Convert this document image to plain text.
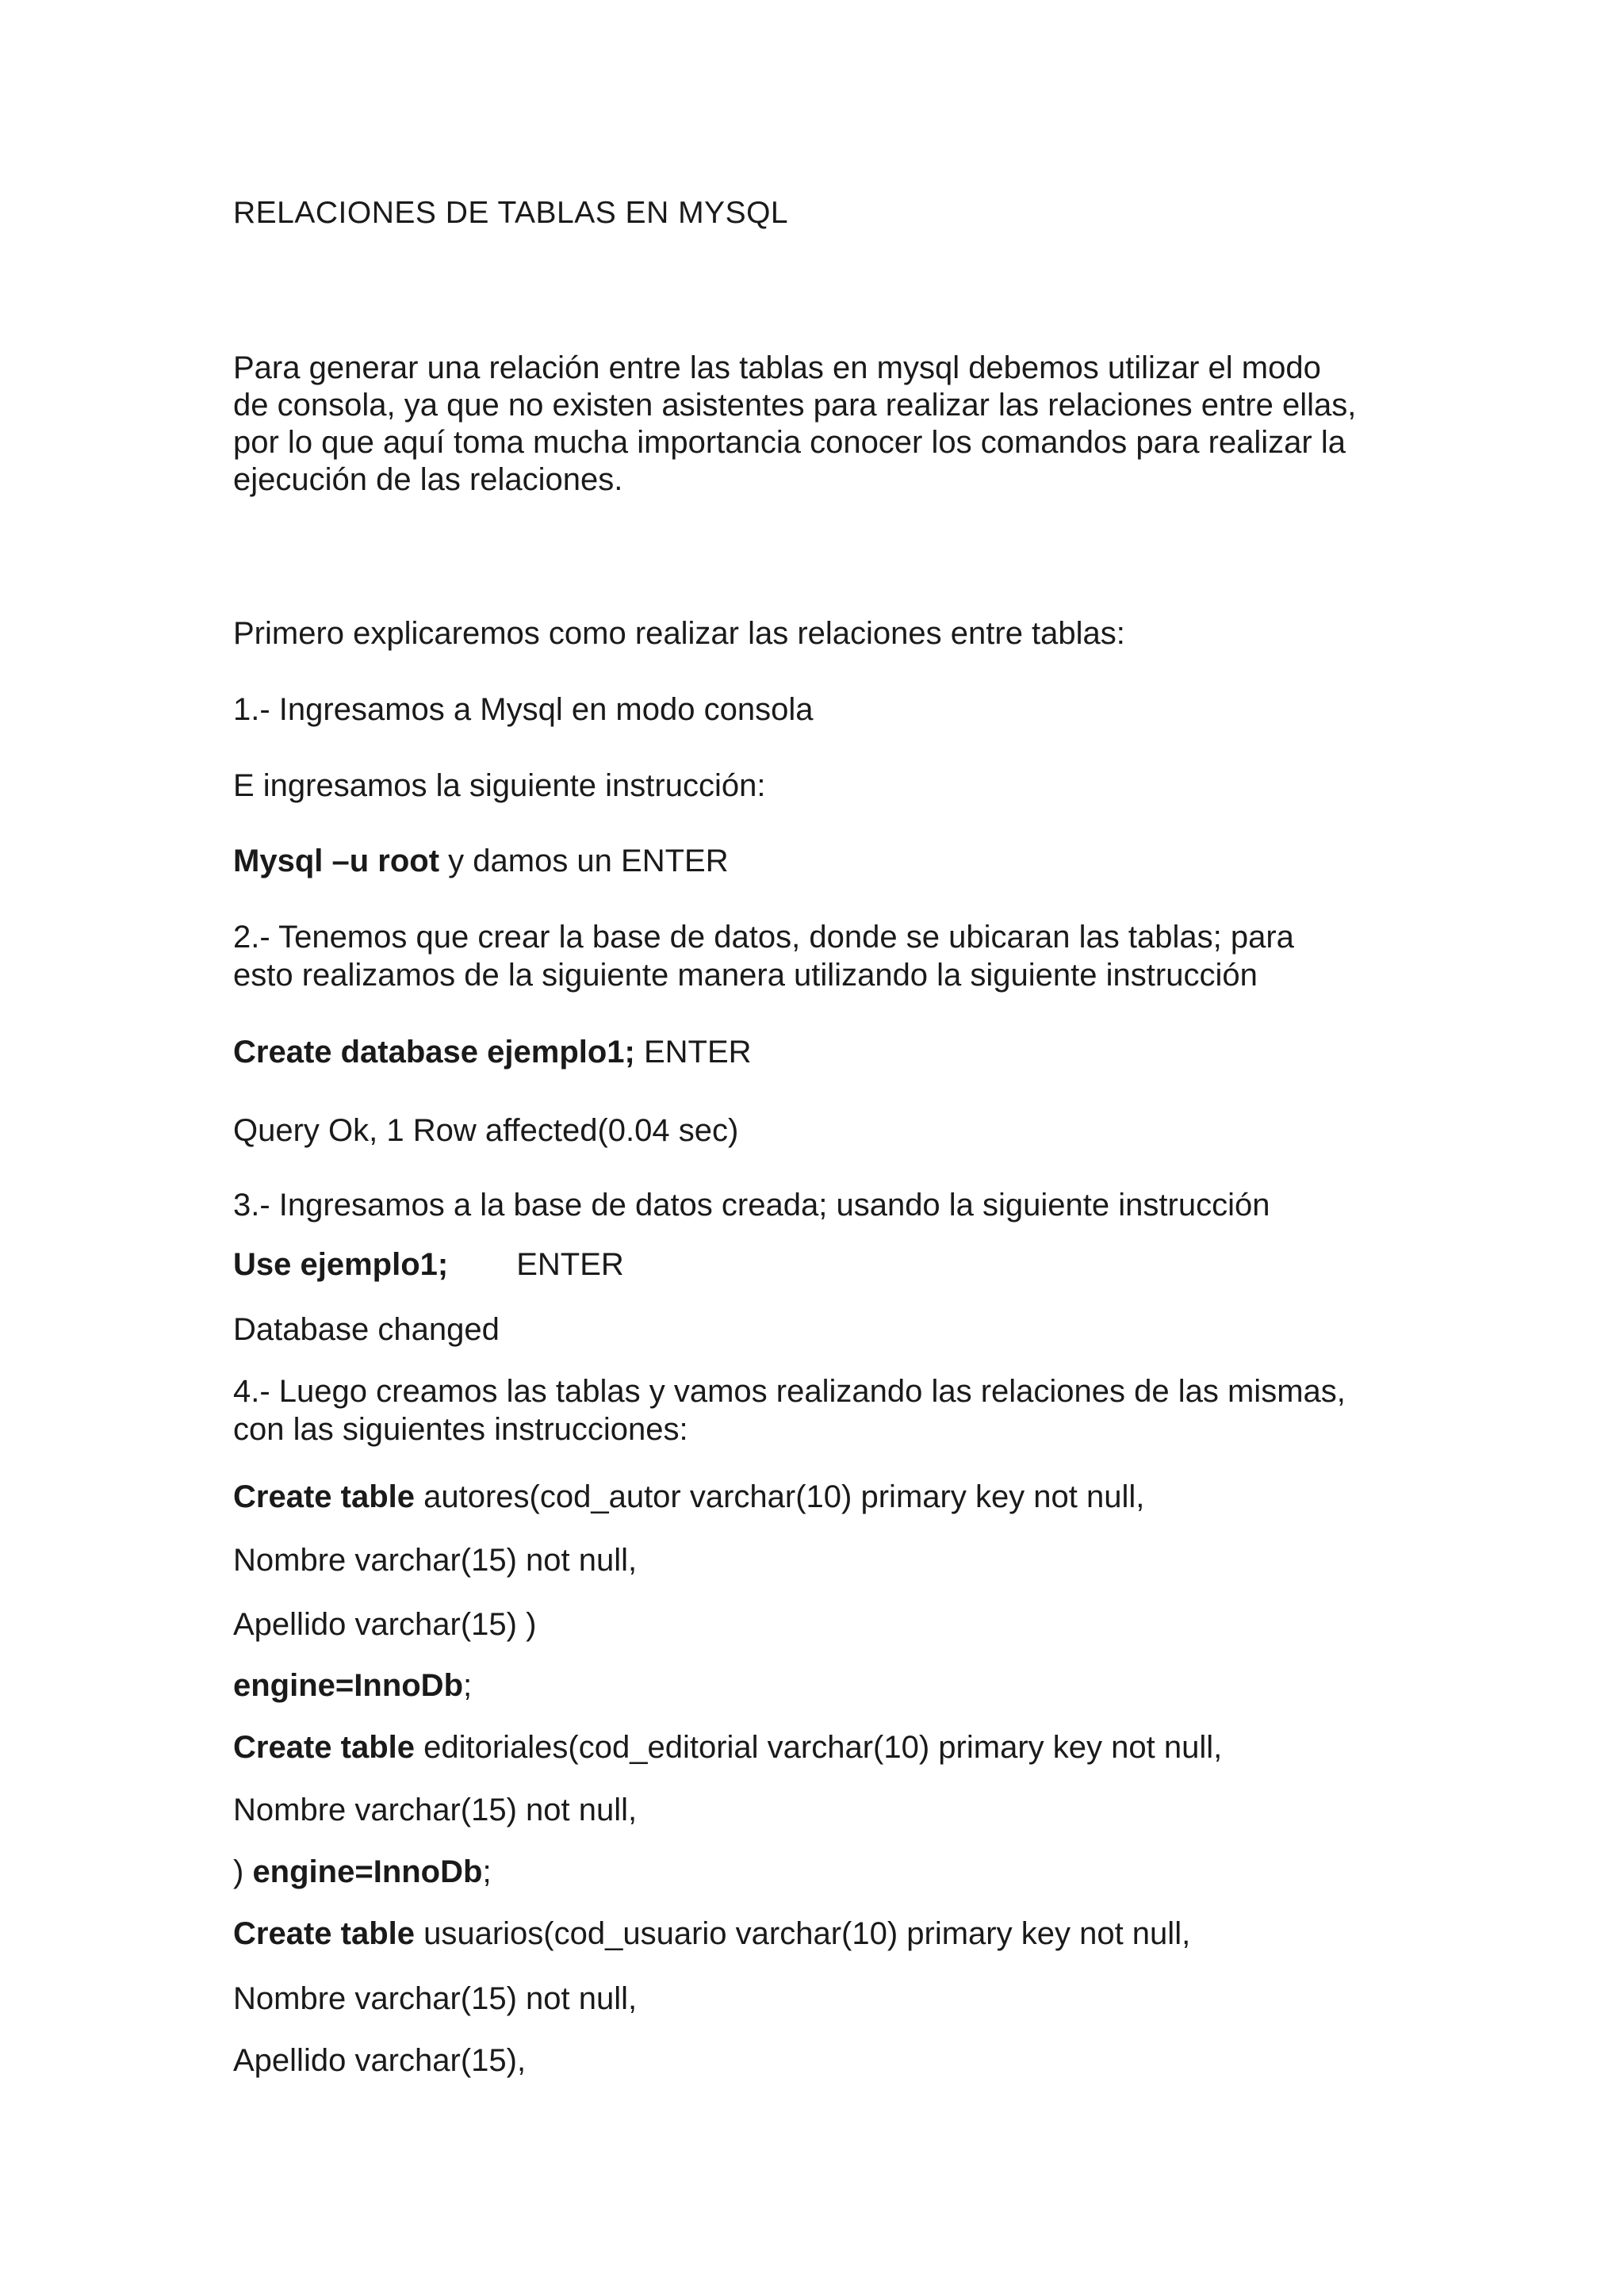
RELACIONES DE TABLAS EN MYSQL

Para generar una relación entre las tablas en mysql debemos utilizar el modo

de consola, ya que no existen asistentes para realizar las relaciones entre ellas,

por lo que aquí toma mucha importancia conocer los comandos para realizar la

ejecución de las relaciones.

Primero explicaremos como realizar las relaciones entre tablas:

1.- Ingresamos a Mysql en modo consola

E ingresamos la siguiente instrucción:

Mysql –u root y damos un ENTER

2.- Tenemos que crear la base de datos, donde se ubicaran las tablas; para

esto realizamos de la siguiente manera utilizando la siguiente instrucción

Create database ejemplo1; ENTER

Query Ok, 1 Row affected(0.04 sec)

3.- Ingresamos a la base de datos creada; usando la siguiente instrucción

Use ejemplo1; ENTER

Database changed

4.- Luego creamos las tablas y vamos realizando las relaciones de las mismas,

con las siguientes instrucciones:

Create table autores(cod_autor varchar(10) primary key not null,

Nombre varchar(15) not null,

Apellido varchar(15) )

engine=InnoDb;

Create table editoriales(cod_editorial varchar(10) primary key not null,

Nombre varchar(15) not null,

) engine=InnoDb;

Create table usuarios(cod_usuario varchar(10) primary key not null,

Nombre varchar(15) not null,

Apellido varchar(15),
